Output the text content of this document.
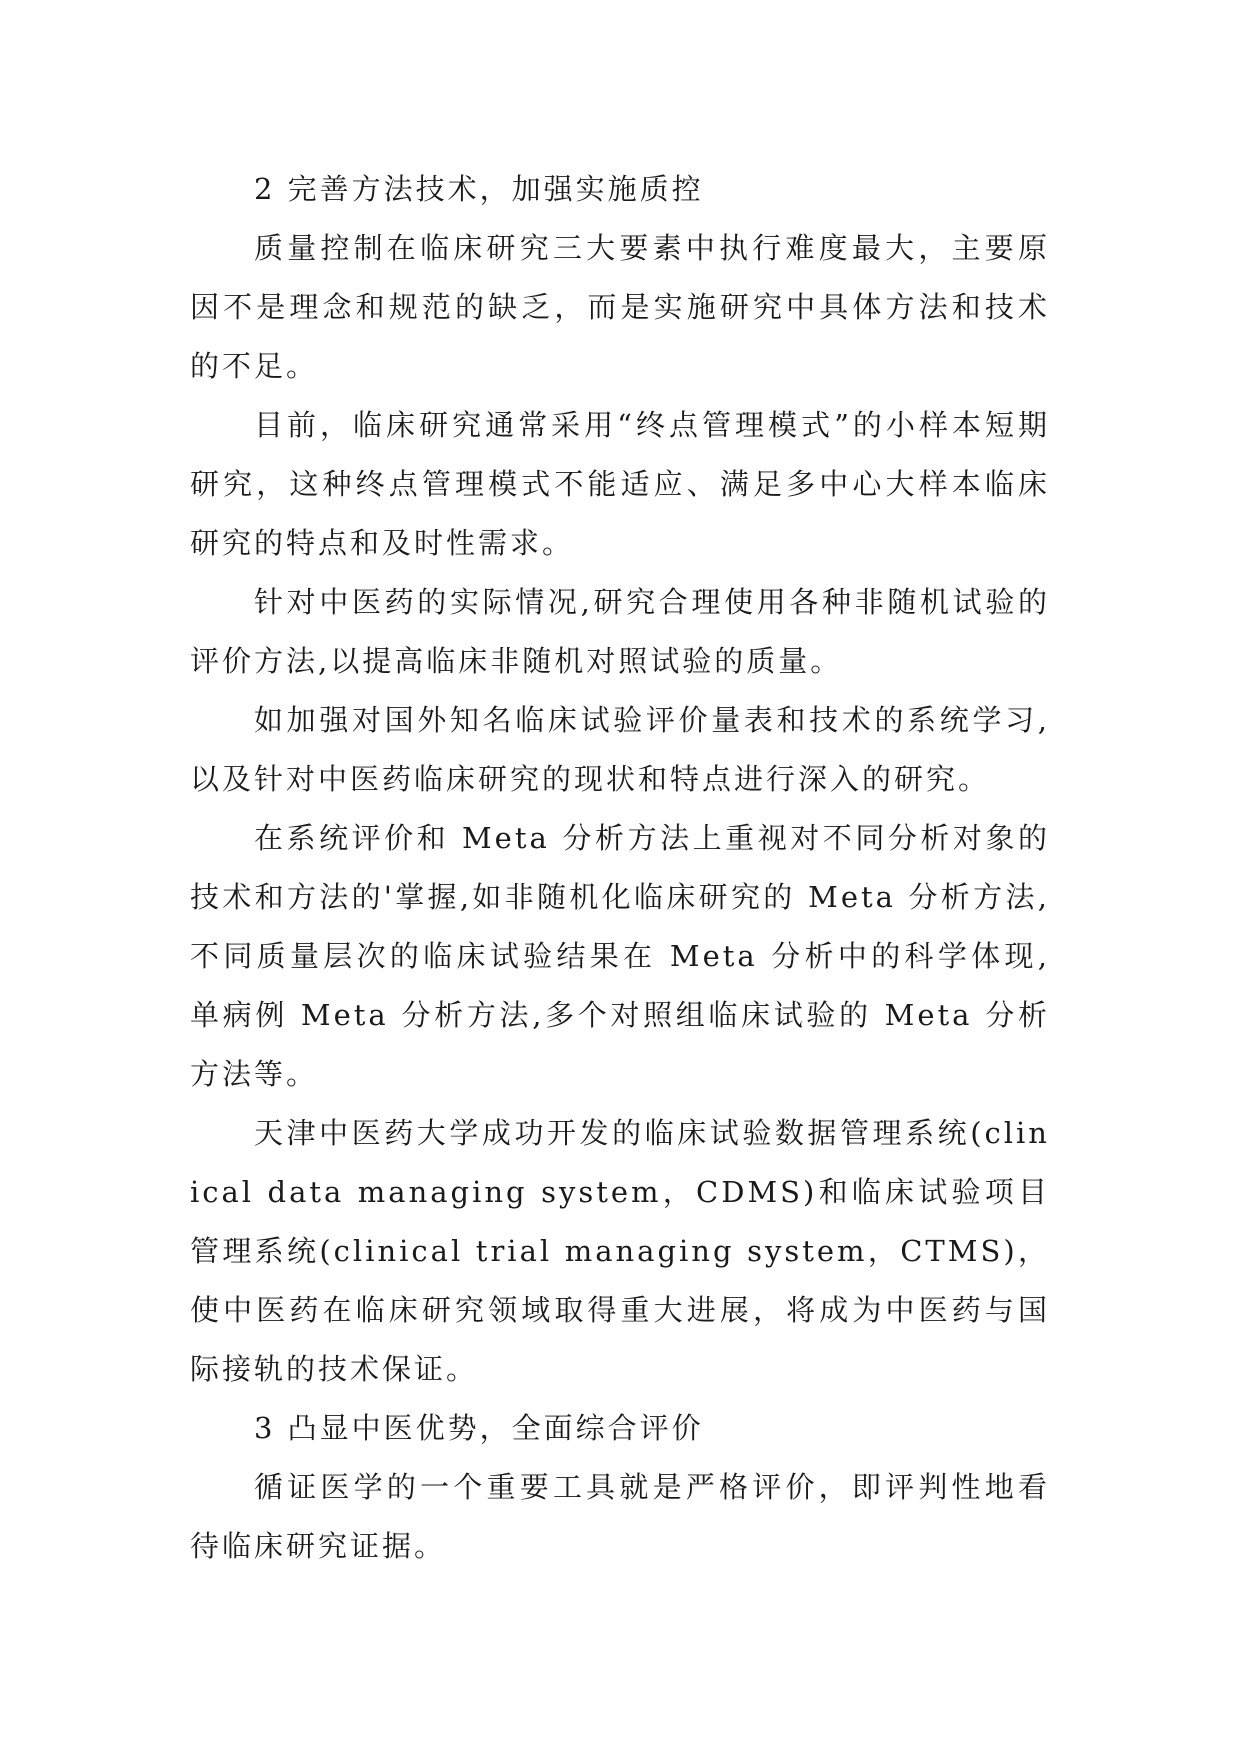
2 完善方法技术，加强实施质控

质量控制在临床研究三大要素中执行难度最大，主要原因不是理念和规范的缺乏，而是实施研究中具体方法和技术的不足。

目前，临床研究通常采用“终点管理模式”的小样本短期研究，这种终点管理模式不能适应、满足多中心大样本临床研究的特点和及时性需求。

针对中医药的实际情况,研究合理使用各种非随机试验的评价方法,以提高临床非随机对照试验的质量。

如加强对国外知名临床试验评价量表和技术的系统学习,以及针对中医药临床研究的现状和特点进行深入的研究。

在系统评价和 Meta 分析方法上重视对不同分析对象的技术和方法的'掌握,如非随机化临床研究的 Meta 分析方法,不同质量层次的临床试验结果在 Meta 分析中的科学体现,单病例 Meta 分析方法,多个对照组临床试验的 Meta 分析方法等。

天津中医药大学成功开发的临床试验数据管理系统(clinical data managing system，CDMS)和临床试验项目管理系统(clinical trial managing system，CTMS)，使中医药在临床研究领域取得重大进展，将成为中医药与国际接轨的技术保证。

3 凸显中医优势，全面综合评价

循证医学的一个重要工具就是严格评价，即评判性地看待临床研究证据。
